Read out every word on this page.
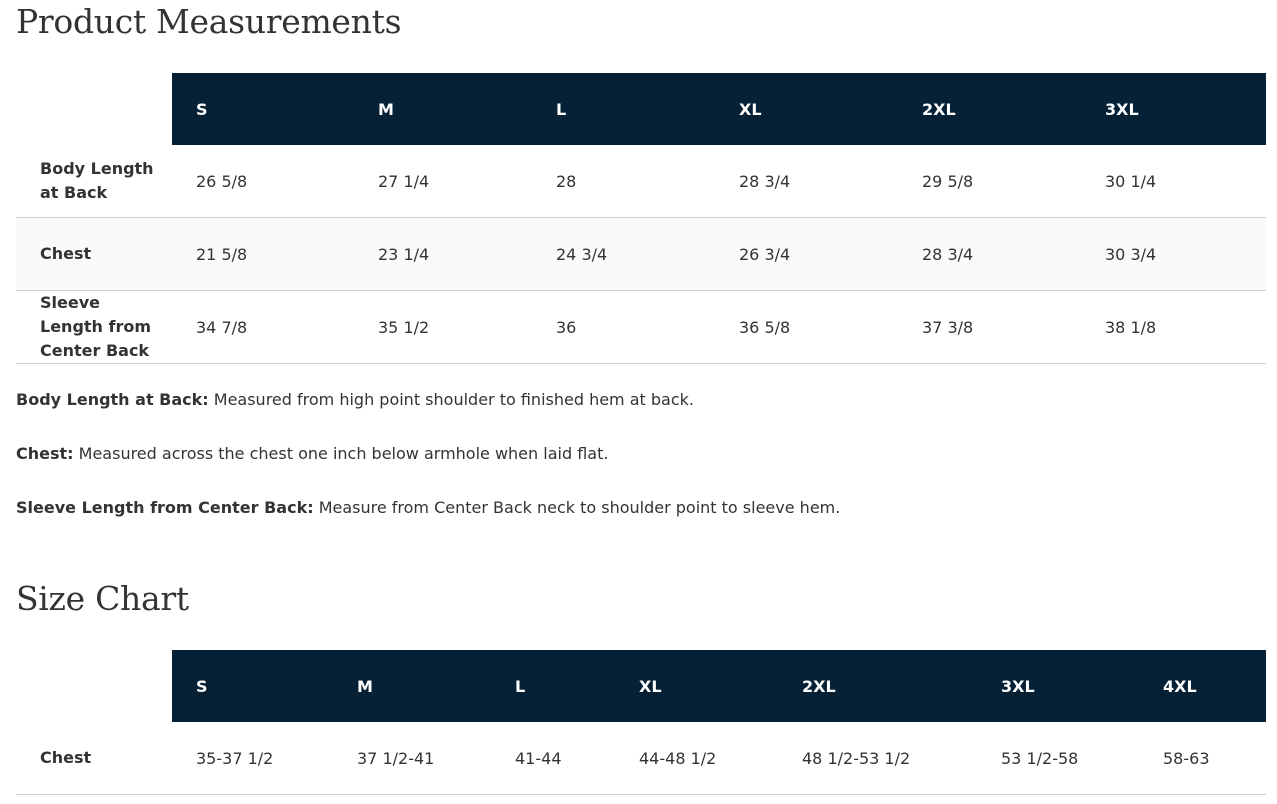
Product Measurements
	S	M	L	XL	2XL	3XL
Body Length at Back	26 5/8	27 1/4	28	28 3/4	29 5/8	30 1/4
Chest	21 5/8	23 1/4	24 3/4	26 3/4	28 3/4	30 3/4
Sleeve Length from Center Back	34 7/8	35 1/2	36	36 5/8	37 3/8	38 1/8

Body Length at Back: Measured from high point shoulder to finished hem at back.

Chest: Measured across the chest one inch below armhole when laid flat.

Sleeve Length from Center Back: Measure from Center Back neck to shoulder point to sleeve hem.

Size Chart
	S	M	L	XL	2XL	3XL	4XL
Chest	35-37 1/2	37 1/2-41	41-44	44-48 1/2	48 1/2-53 1/2	53 1/2-58	58-63
